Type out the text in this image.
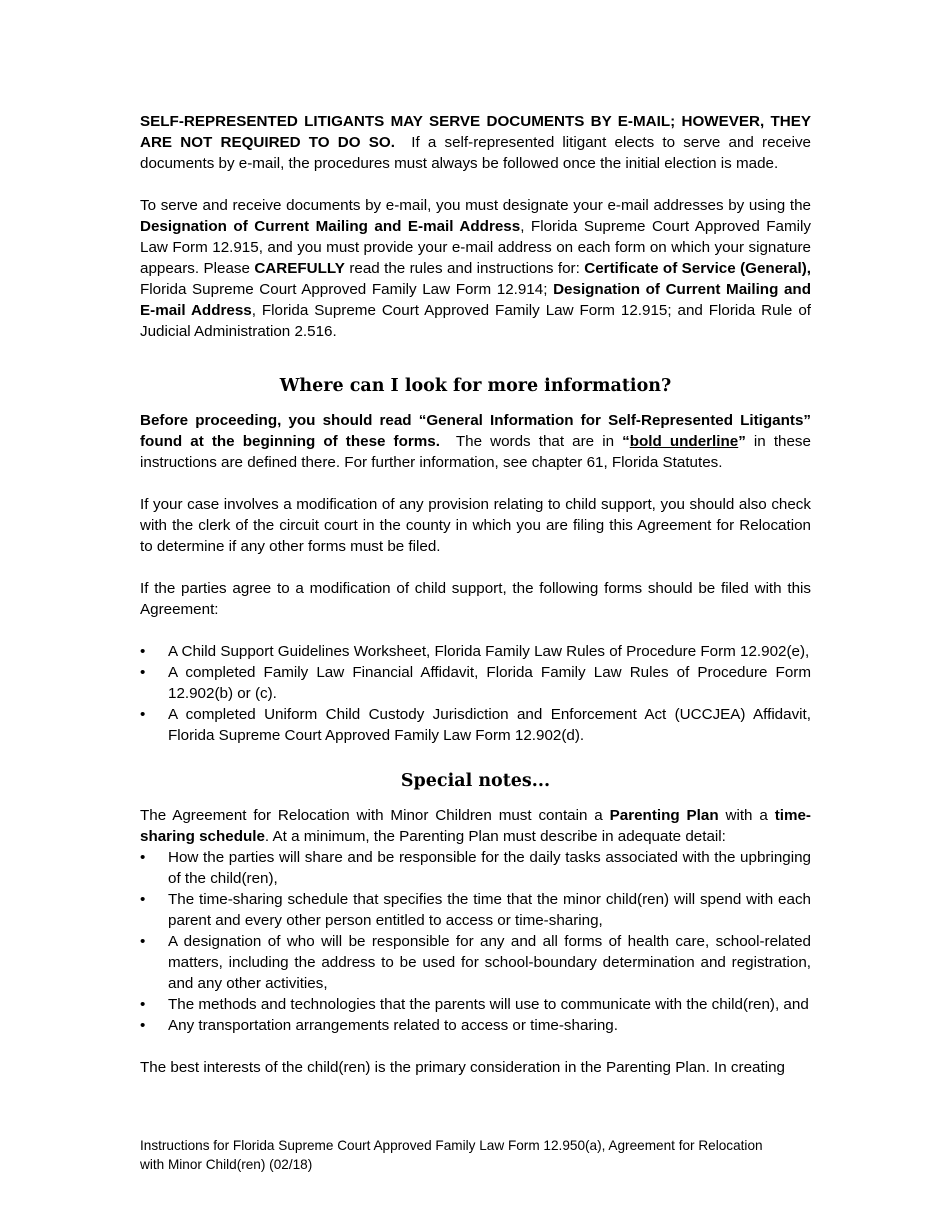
SELF-REPRESENTED LITIGANTS MAY SERVE DOCUMENTS BY E-MAIL; HOWEVER, THEY ARE NOT REQUIRED TO DO SO. If a self-represented litigant elects to serve and receive documents by e-mail, the procedures must always be followed once the initial election is made.

To serve and receive documents by e-mail, you must designate your e-mail addresses by using the Designation of Current Mailing and E-mail Address, Florida Supreme Court Approved Family Law Form 12.915, and you must provide your e-mail address on each form on which your signature appears. Please CAREFULLY read the rules and instructions for: Certificate of Service (General), Florida Supreme Court Approved Family Law Form 12.914; Designation of Current Mailing and E-mail Address, Florida Supreme Court Approved Family Law Form 12.915; and Florida Rule of Judicial Administration 2.516.

Where can I look for more information?

Before proceeding, you should read “General Information for Self-Represented Litigants” found at the beginning of these forms. The words that are in “bold underline” in these instructions are defined there. For further information, see chapter 61, Florida Statutes.

If your case involves a modification of any provision relating to child support, you should also check with the clerk of the circuit court in the county in which you are filing this Agreement for Relocation to determine if any other forms must be filed.

If the parties agree to a modification of child support, the following forms should be filed with this Agreement:

•	A Child Support Guidelines Worksheet, Florida Family Law Rules of Procedure Form 12.902(e),
•	A completed Family Law Financial Affidavit, Florida Family Law Rules of Procedure Form 12.902(b) or (c).
•	A completed Uniform Child Custody Jurisdiction and Enforcement Act (UCCJEA) Affidavit, Florida Supreme Court Approved Family Law Form 12.902(d).
Special notes...

The Agreement for Relocation with Minor Children must contain a Parenting Plan with a time-sharing schedule. At a minimum, the Parenting Plan must describe in adequate detail:

•	How the parties will share and be responsible for the daily tasks associated with the upbringing of the child(ren),
•	The time-sharing schedule that specifies the time that the minor child(ren) will spend with each parent and every other person entitled to access or time-sharing,
•	A designation of who will be responsible for any and all forms of health care, school-related matters, including the address to be used for school-boundary determination and registration, and any other activities,
•	The methods and technologies that the parents will use to communicate with the child(ren), and
•	Any transportation arrangements related to access or time-sharing.

The best interests of the child(ren) is the primary consideration in the Parenting Plan. In creating

Instructions for Florida Supreme Court Approved Family Law Form 12.950(a), Agreement for Relocation
with Minor Child(ren) (02/18)
